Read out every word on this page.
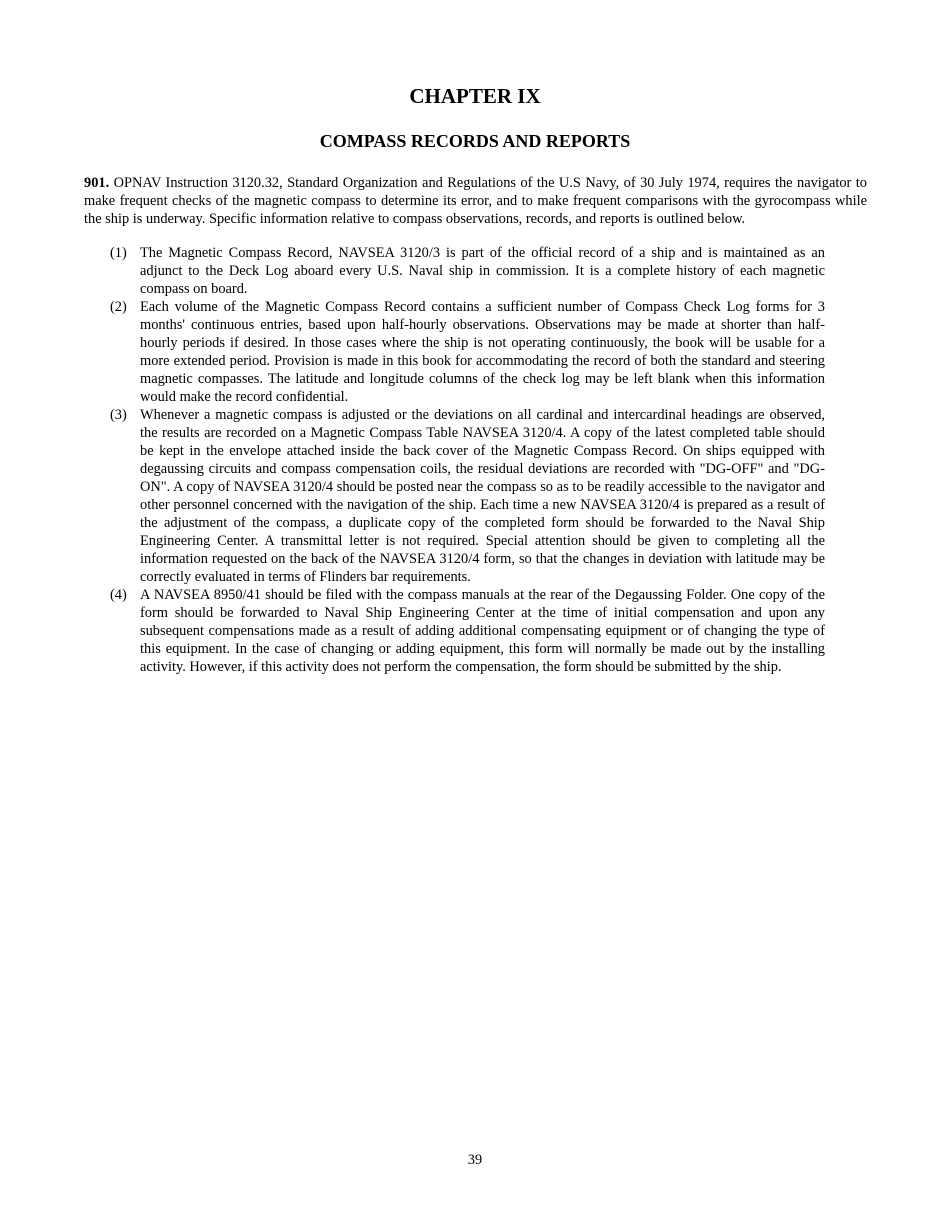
CHAPTER IX
COMPASS RECORDS AND REPORTS

901. OPNAV Instruction 3120.32, Standard Organization and Regulations of the U.S Navy, of 30 July 1974, requires the navigator to make frequent checks of the magnetic compass to determine its error, and to make frequent comparisons with the gyrocompass while the ship is underway. Specific information relative to compass observations, records, and reports is outlined below.

(1) The Magnetic Compass Record, NAVSEA 3120/3 is part of the official record of a ship and is maintained as an adjunct to the Deck Log aboard every U.S. Naval ship in commission. It is a complete history of each magnetic compass on board.
(2) Each volume of the Magnetic Compass Record contains a sufficient number of Compass Check Log forms for 3 months' continuous entries, based upon half-hourly observations. Observations may be made at shorter than half-hourly periods if desired. In those cases where the ship is not operating continuously, the book will be usable for a more extended period. Provision is made in this book for accommodating the record of both the standard and steering magnetic compasses. The latitude and longitude columns of the check log may be left blank when this information would make the record confidential.
(3) Whenever a magnetic compass is adjusted or the deviations on all cardinal and intercardinal headings are observed, the results are recorded on a Magnetic Compass Table NAVSEA 3120/4. A copy of the latest completed table should be kept in the envelope attached inside the back cover of the Magnetic Compass Record. On ships equipped with degaussing circuits and compass compensation coils, the residual deviations are recorded with "DG-OFF" and "DG-ON". A copy of NAVSEA 3120/4 should be posted near the compass so as to be readily accessible to the navigator and other personnel concerned with the navigation of the ship. Each time a new NAVSEA 3120/4 is prepared as a result of the adjustment of the compass, a duplicate copy of the completed form should be forwarded to the Naval Ship Engineering Center. A transmittal letter is not required. Special attention should be given to completing all the information requested on the back of the NAVSEA 3120/4 form, so that the changes in deviation with latitude may be correctly evaluated in terms of Flinders bar requirements.
(4) A NAVSEA 8950/41 should be filed with the compass manuals at the rear of the Degaussing Folder. One copy of the form should be forwarded to Naval Ship Engineering Center at the time of initial compensation and upon any subsequent compensations made as a result of adding additional compensating equipment or of changing the type of this equipment. In the case of changing or adding equipment, this form will normally be made out by the installing activity. However, if this activity does not perform the compensation, the form should be submitted by the ship.
39
